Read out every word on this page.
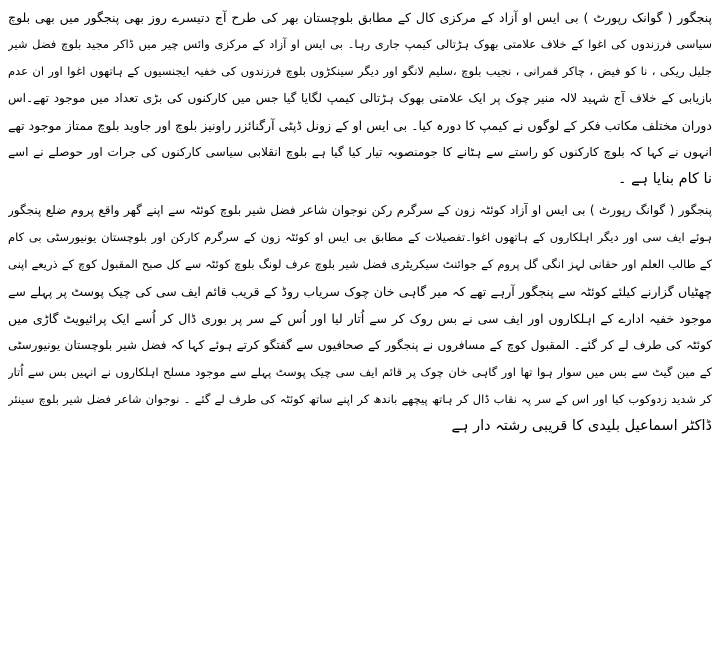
پنجگور ( گوانک رپورٹ ) بی ایس او آزاد کے مرکزی کال کے مطابق بلوچستان بھر کی طرح آج دتیسرے روز بھی پنجگور میں بھی بلوچ
سیاسی فرزندوں کی اغوا کے خلاف علامتی بھوک ہڑتالی کیمپ جاری رہا۔ بی ایس او آزاد کے مرکزی وائس چیر میں ڈاکر مجید بلوچ فضل شیر
جلیل ریکی ، نا کو فیض ، چاکر قمرانی ، نجیب بلوچ ،سلیم لانگو اور دیگر سینکڑوں بلوچ فرزندوں کی خفیہ ایجنسیوں کے ہاتھوں اغوا اور ان عدم
بازیابی کے خلاف آج شہید لالہ منیر چوک پر ایک علامتی بھوک ہڑتالی کیمپ لگایا گیا جس میں کارکنوں کی بڑی تعداد میں موجود تھے۔اس
دوران مختلف مکاتب فکر کے لوگوں نے کیمپ کا دورہ کیا۔ بی ایس او کے زونل ڈپٹی آرگنائزر راونیز بلوچ اور جاوید بلوچ ممتاز موجود تھے
انہوں نے کہا کہ بلوچ کارکنوں کو راستے سے ہٹانے کا جومنصوبہ تیار کیا گیا ہے بلوچ انقلابی سیاسی کارکنوں کی جرات اور حوصلے نے اسے
نا کام بنایا ہے ۔
پنجگور ( گوانگ رپورٹ ) بی ایس او آزاد کوئٹہ زون کے سرگرم رکن نوجوان شاعر فضل شیر بلوچ کوئٹہ سے اپنے گھر واقع پروم ضلع پنجگور
ہوئے ایف سی اور دیگر اہلکاروں کے ہاتھوں اغوا۔تفصیلات کے مطابق بی ایس او کوئٹہ زون کے سرگرم کارکن اور بلوچستان یونیورسٹی بی کام
کے طالب العلم اور حقانی لہز انگی گل پروم کے جوائنٹ سیکریٹری فضل شیر بلوچ عرف لونگ بلوچ کوئٹہ سے کل صبح المقبول کوچ کے ذریعے اپنی
چھٹیاں گزارنے کیلئے کوئٹہ سے پنجگور آرہے تھے کہ میر گاہی خان چوک سریاب روڈ کے قریب قائم ایف سی کی چیک پوسٹ پر پہلے سے
موجود خفیہ ادارے کے اہلکاروں اور ایف سی نے بس روک کر سے اُتار لیا اور اُس کے سر پر بوری ڈال کر اُسے ایک پرائیویٹ گاڑی میں
کوئٹہ کی طرف لے کر گئے۔ المقبول کوچ کے مسافروں نے پنجگور کے صحافیوں سے گفتگو کرتے ہوئے کہا کہ فضل شیر بلوچستان یونیورسٹی
کے مین گیٹ سے بس میں سوار ہوا تھا اور گاہی خان چوک پر قائم ایف سی چیک پوسٹ پہلے سے موجود مسلح اہلکاروں نے انہیں بس سے اُتار
کر شدید زدوکوب کیا اور اس کے سر پہ نقاب ڈال کر ہاتھ پیچھے باندھ کر اپنے ساتھ کوئٹہ کی طرف لے گئے ۔ نوجوان شاعر فضل شیر بلوچ سینئر
ڈاکٹر اسماعیل بلیدی کا قریبی رشتہ دار ہے
